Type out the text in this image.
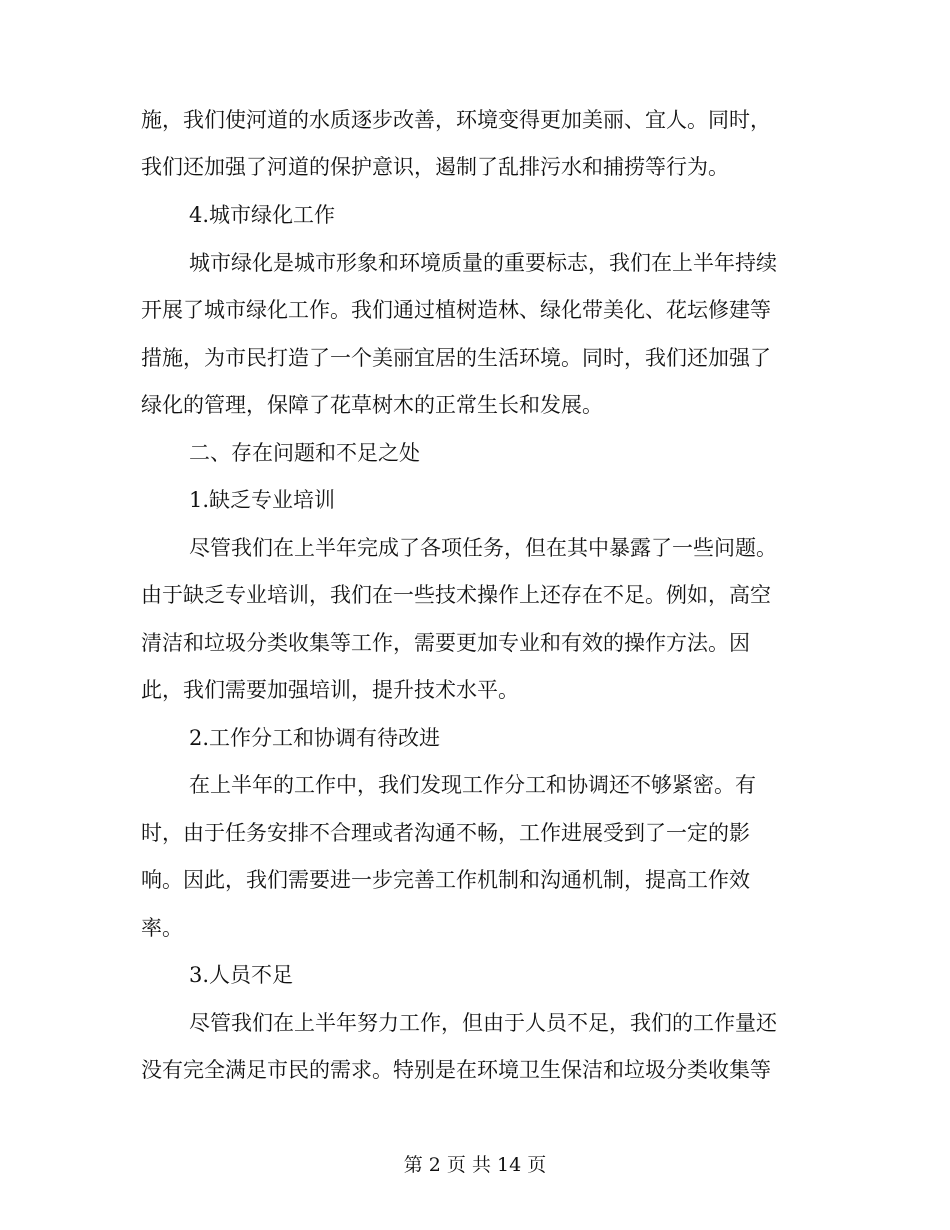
施，我们使河道的水质逐步改善，环境变得更加美丽、宜人。同时，
我们还加强了河道的保护意识，遏制了乱排污水和捕捞等行为。
4.城市绿化工作
城市绿化是城市形象和环境质量的重要标志，我们在上半年持续
开展了城市绿化工作。我们通过植树造林、绿化带美化、花坛修建等
措施，为市民打造了一个美丽宜居的生活环境。同时，我们还加强了
绿化的管理，保障了花草树木的正常生长和发展。
二、存在问题和不足之处
1.缺乏专业培训
尽管我们在上半年完成了各项任务，但在其中暴露了一些问题。
由于缺乏专业培训，我们在一些技术操作上还存在不足。例如，高空
清洁和垃圾分类收集等工作，需要更加专业和有效的操作方法。因
此，我们需要加强培训，提升技术水平。
2.工作分工和协调有待改进
在上半年的工作中，我们发现工作分工和协调还不够紧密。有
时，由于任务安排不合理或者沟通不畅，工作进展受到了一定的影
响。因此，我们需要进一步完善工作机制和沟通机制，提高工作效
率。
3.人员不足
尽管我们在上半年努力工作，但由于人员不足，我们的工作量还
没有完全满足市民的需求。特别是在环境卫生保洁和垃圾分类收集等
第 2 页 共 14 页
